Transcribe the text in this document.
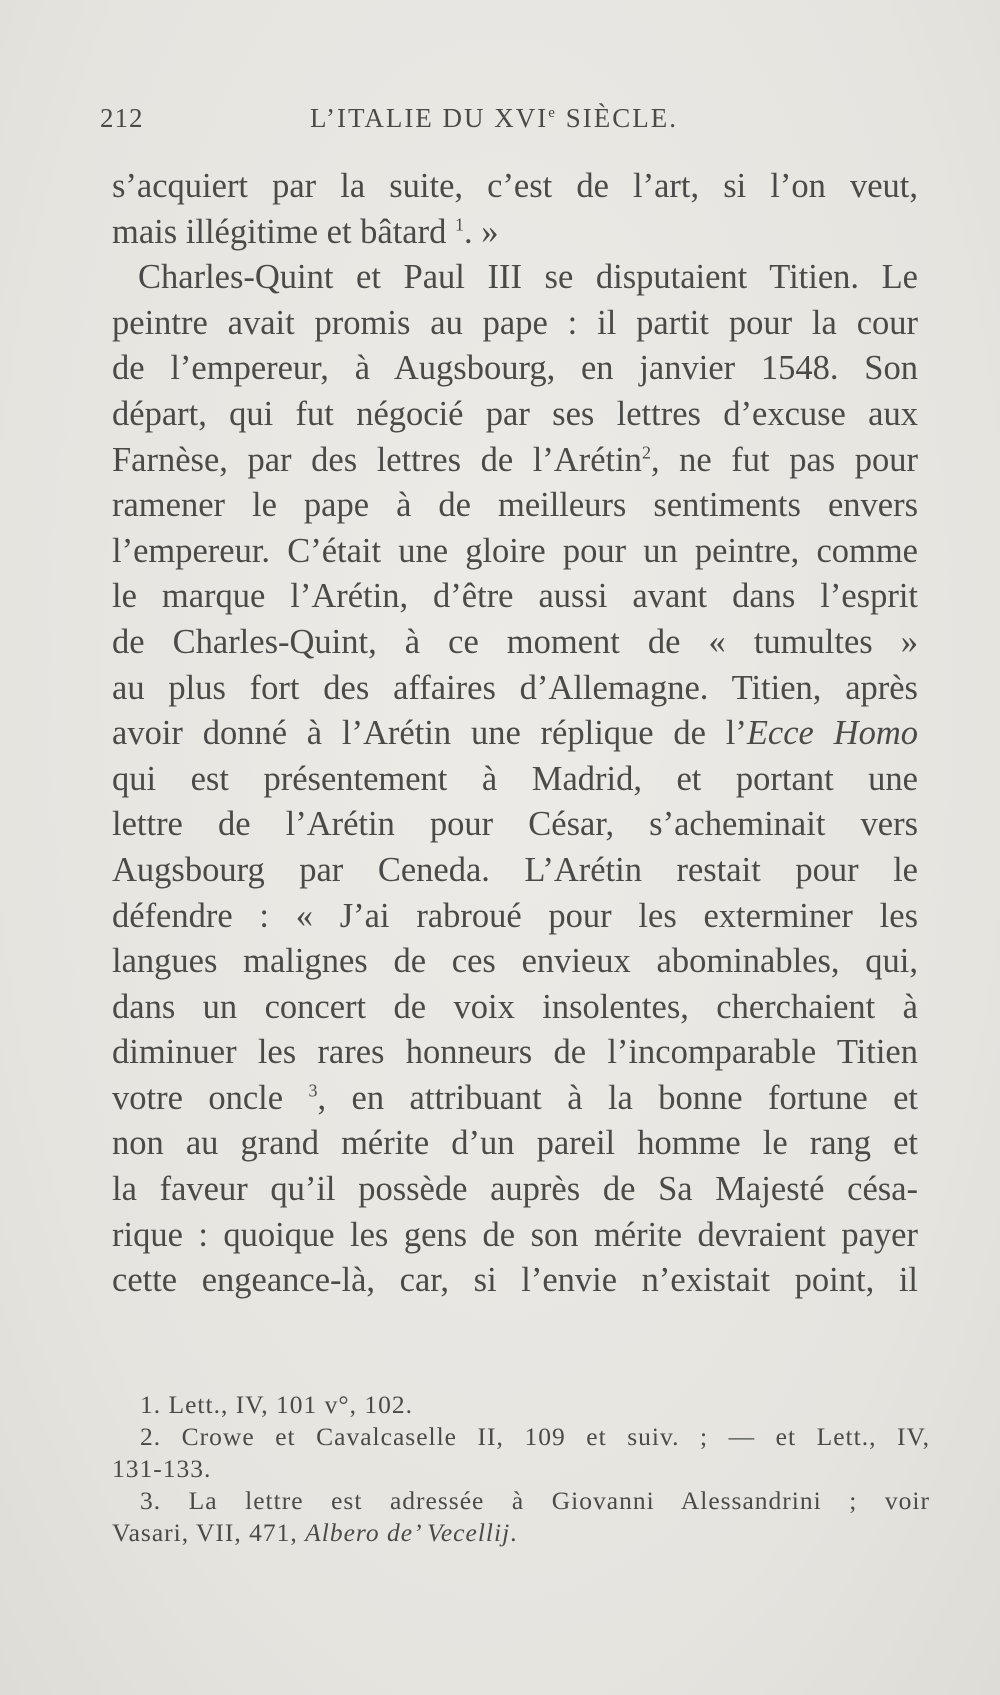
212	L’ITALIE DU XVIe SIÈCLE.
s’acquiert par la suite, c’est de l’art, si l’on veut,
mais illégitime et bâtard $^1$. »
Charles-Quint et Paul III se disputaient Titien. Le
peintre avait promis au pape : il partit pour la cour
de l’empereur, à Augsbourg, en janvier 1548. Son
départ, qui fut négocié par ses lettres d’excuse aux
Farnèse, par des lettres de l’Arétin$^2$, ne fut pas pour
ramener le pape à de meilleurs sentiments envers
l’empereur. C’était une gloire pour un peintre, comme
le marque l’Arétin, d’être aussi avant dans l’esprit
de Charles-Quint, à ce moment de « tumultes »
au plus fort des affaires d’Allemagne. Titien, après
avoir donné à l’Arétin une réplique de l’Ecce Homo
qui est présentement à Madrid, et portant une
lettre de l’Arétin pour César, s’acheminait vers
Augsbourg par Ceneda. L’Arétin restait pour le
défendre : « J’ai rabroué pour les exterminer les
langues malignes de ces envieux abominables, qui,
dans un concert de voix insolentes, cherchaient à
diminuer les rares honneurs de l’incomparable Titien
votre oncle $^3$, en attribuant à la bonne fortune et
non au grand mérite d’un pareil homme le rang et
la faveur qu’il possède auprès de Sa Majesté césa-
rique : quoique les gens de son mérite devraient payer
cette engeance-là, car, si l’envie n’existait point, il
1. Lett., IV, 101 v°, 102.
2. Crowe et Cavalcaselle II, 109 et suiv. ; — et Lett., IV,
131-133.
3. La lettre est adressée à Giovanni Alessandrini ; voir
Vasari, VII, 471, Albero de’ Vecellij.
